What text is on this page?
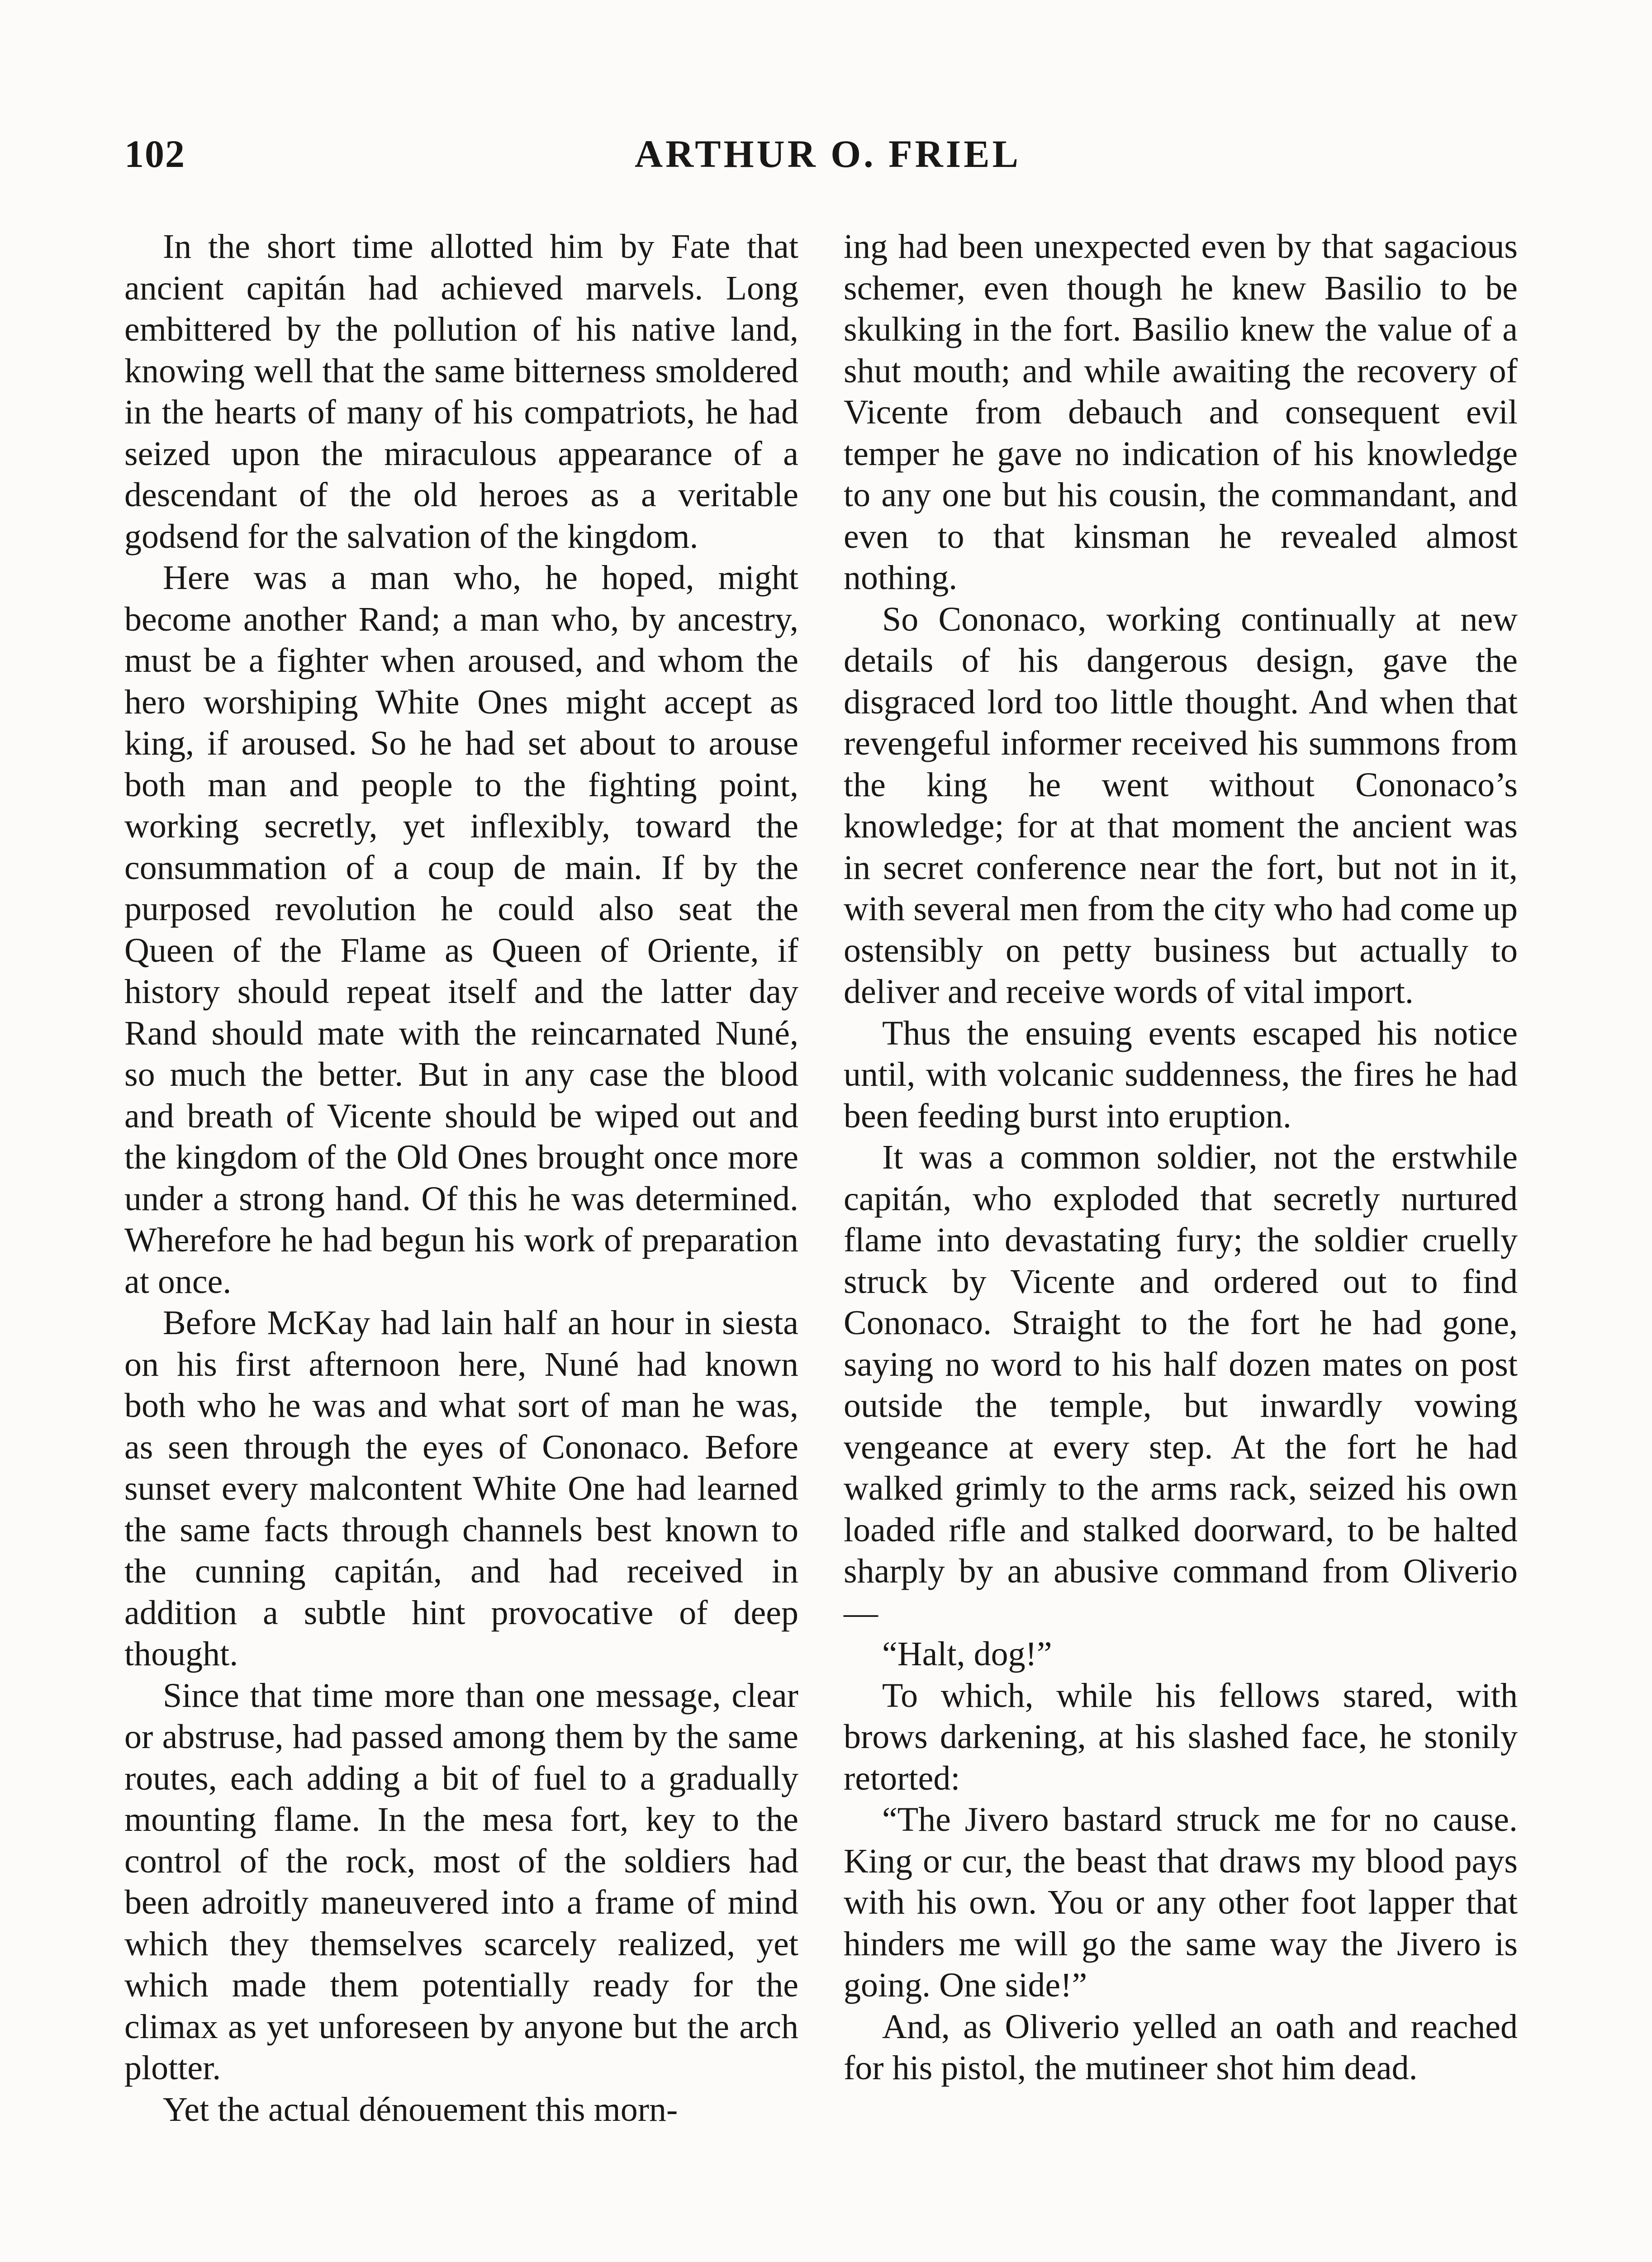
102	ARTHUR O. FRIEL

In the short time allotted him by Fate that ancient capitán had achieved marvels. Long embittered by the pollution of his native land, knowing well that the same bitterness smoldered in the hearts of many of his compatriots, he had seized upon the miraculous appearance of a descendant of the old heroes as a veritable godsend for the salvation of the kingdom.

Here was a man who, he hoped, might become another Rand; a man who, by ancestry, must be a fighter when aroused, and whom the hero worshiping White Ones might accept as king, if aroused. So he had set about to arouse both man and people to the fighting point, working secretly, yet inflexibly, toward the consummation of a coup de main. If by the purposed revolution he could also seat the Queen of the Flame as Queen of Oriente, if history should repeat itself and the latter day Rand should mate with the reincarnated Nuné, so much the better. But in any case the blood and breath of Vicente should be wiped out and the kingdom of the Old Ones brought once more under a strong hand. Of this he was determined. Wherefore he had begun his work of preparation at once.

Before McKay had lain half an hour in siesta on his first afternoon here, Nuné had known both who he was and what sort of man he was, as seen through the eyes of Cononaco. Before sunset every malcontent White One had learned the same facts through channels best known to the cunning capitán, and had received in addition a subtle hint provocative of deep thought.

Since that time more than one message, clear or abstruse, had passed among them by the same routes, each adding a bit of fuel to a gradually mounting flame. In the mesa fort, key to the control of the rock, most of the soldiers had been adroitly maneuvered into a frame of mind which they themselves scarcely realized, yet which made them potentially ready for the climax as yet unforeseen by anyone but the arch plotter.

Yet the actual dénouement this morn-

ing had been unexpected even by that sagacious schemer, even though he knew Basilio to be skulking in the fort. Basilio knew the value of a shut mouth; and while awaiting the recovery of Vicente from debauch and consequent evil temper he gave no indication of his knowledge to any one but his cousin, the commandant, and even to that kinsman he revealed almost nothing.

So Cononaco, working continually at new details of his dangerous design, gave the disgraced lord too little thought. And when that revengeful informer received his summons from the king he went without Cononaco’s knowledge; for at that moment the ancient was in secret conference near the fort, but not in it, with several men from the city who had come up ostensibly on petty business but actually to deliver and receive words of vital import.

Thus the ensuing events escaped his notice until, with volcanic suddenness, the fires he had been feeding burst into eruption.

It was a common soldier, not the erstwhile capitán, who exploded that secretly nurtured flame into devastating fury; the soldier cruelly struck by Vicente and ordered out to find Cononaco. Straight to the fort he had gone, saying no word to his half dozen mates on post outside the temple, but inwardly vowing vengeance at every step. At the fort he had walked grimly to the arms rack, seized his own loaded rifle and stalked doorward, to be halted sharply by an abusive command from Oliverio—

“Halt, dog!”

To which, while his fellows stared, with brows darkening, at his slashed face, he stonily retorted:

“The Jivero bastard struck me for no cause. King or cur, the beast that draws my blood pays with his own. You or any other foot lapper that hinders me will go the same way the Jivero is going. One side!”

And, as Oliverio yelled an oath and reached for his pistol, the mutineer shot him dead.
